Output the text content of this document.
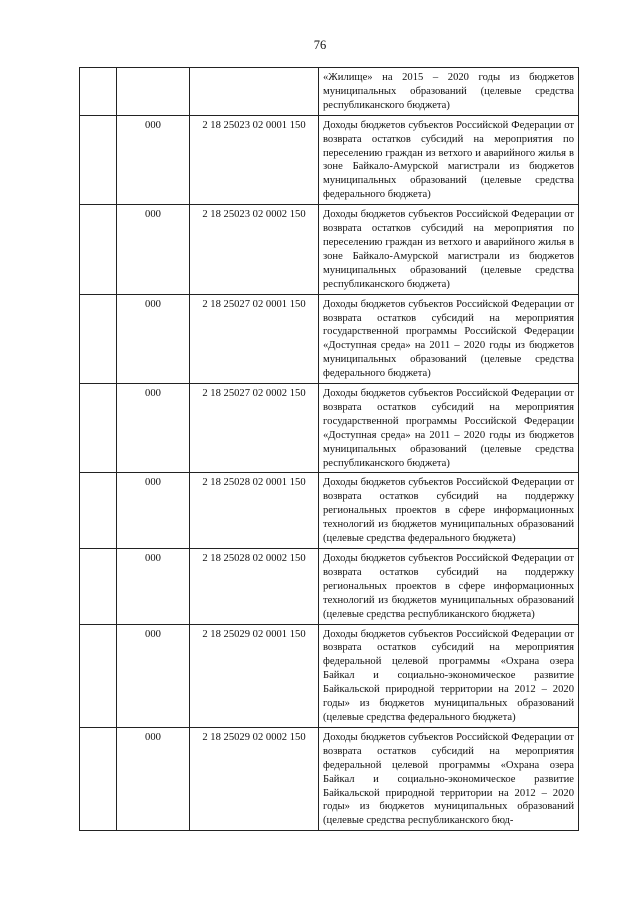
76
			«Жилище» на 2015 – 2020 годы из бюджетов муниципальных образований (целевые средства республиканского бюджета)
	000	2 18 25023 02 0001 150	Доходы бюджетов субъектов Российской Федерации от возврата остатков субсидий на мероприятия по переселению граждан из ветхого и аварийного жилья в зоне Байкало-Амурской магистрали из бюджетов муниципальных образований (целевые средства федерального бюджета)
	000	2 18 25023 02 0002 150	Доходы бюджетов субъектов Российской Федерации от возврата остатков субсидий на мероприятия по переселению граждан из ветхого и аварийного жилья в зоне Байкало-Амурской магистрали из бюджетов муниципальных образований (целевые средства республиканского бюджета)
	000	2 18 25027 02 0001 150	Доходы бюджетов субъектов Российской Федерации от возврата остатков субсидий на мероприятия государственной программы Российской Федерации «Доступная среда» на 2011 – 2020 годы из бюджетов муниципальных образований (целевые средства федерального бюджета)
	000	2 18 25027 02 0002 150	Доходы бюджетов субъектов Российской Федерации от возврата остатков субсидий на мероприятия государственной программы Российской Федерации «Доступная среда» на 2011 – 2020 годы из бюджетов муниципальных образований (целевые средства республиканского бюджета)
	000	2 18 25028 02 0001 150	Доходы бюджетов субъектов Российской Федерации от возврата остатков субсидий на поддержку региональных проектов в сфере информационных технологий из бюджетов муниципальных образований (целевые средства федерального бюджета)
	000	2 18 25028 02 0002 150	Доходы бюджетов субъектов Российской Федерации от возврата остатков субсидий на поддержку региональных проектов в сфере информационных технологий из бюджетов муниципальных образований (целевые средства республиканского бюджета)
	000	2 18 25029 02 0001 150	Доходы бюджетов субъектов Российской Федерации от возврата остатков субсидий на мероприятия федеральной целевой программы «Охрана озера Байкал и социально-экономическое развитие Байкальской природной территории на 2012 – 2020 годы» из бюджетов муниципальных образований (целевые средства федерального бюджета)
	000	2 18 25029 02 0002 150	Доходы бюджетов субъектов Российской Федерации от возврата остатков субсидий на мероприятия федеральной целевой программы «Охрана озера Байкал и социально-экономическое развитие Байкальской природной территории на 2012 – 2020 годы» из бюджетов муниципальных образований (целевые средства республиканского бюд-
